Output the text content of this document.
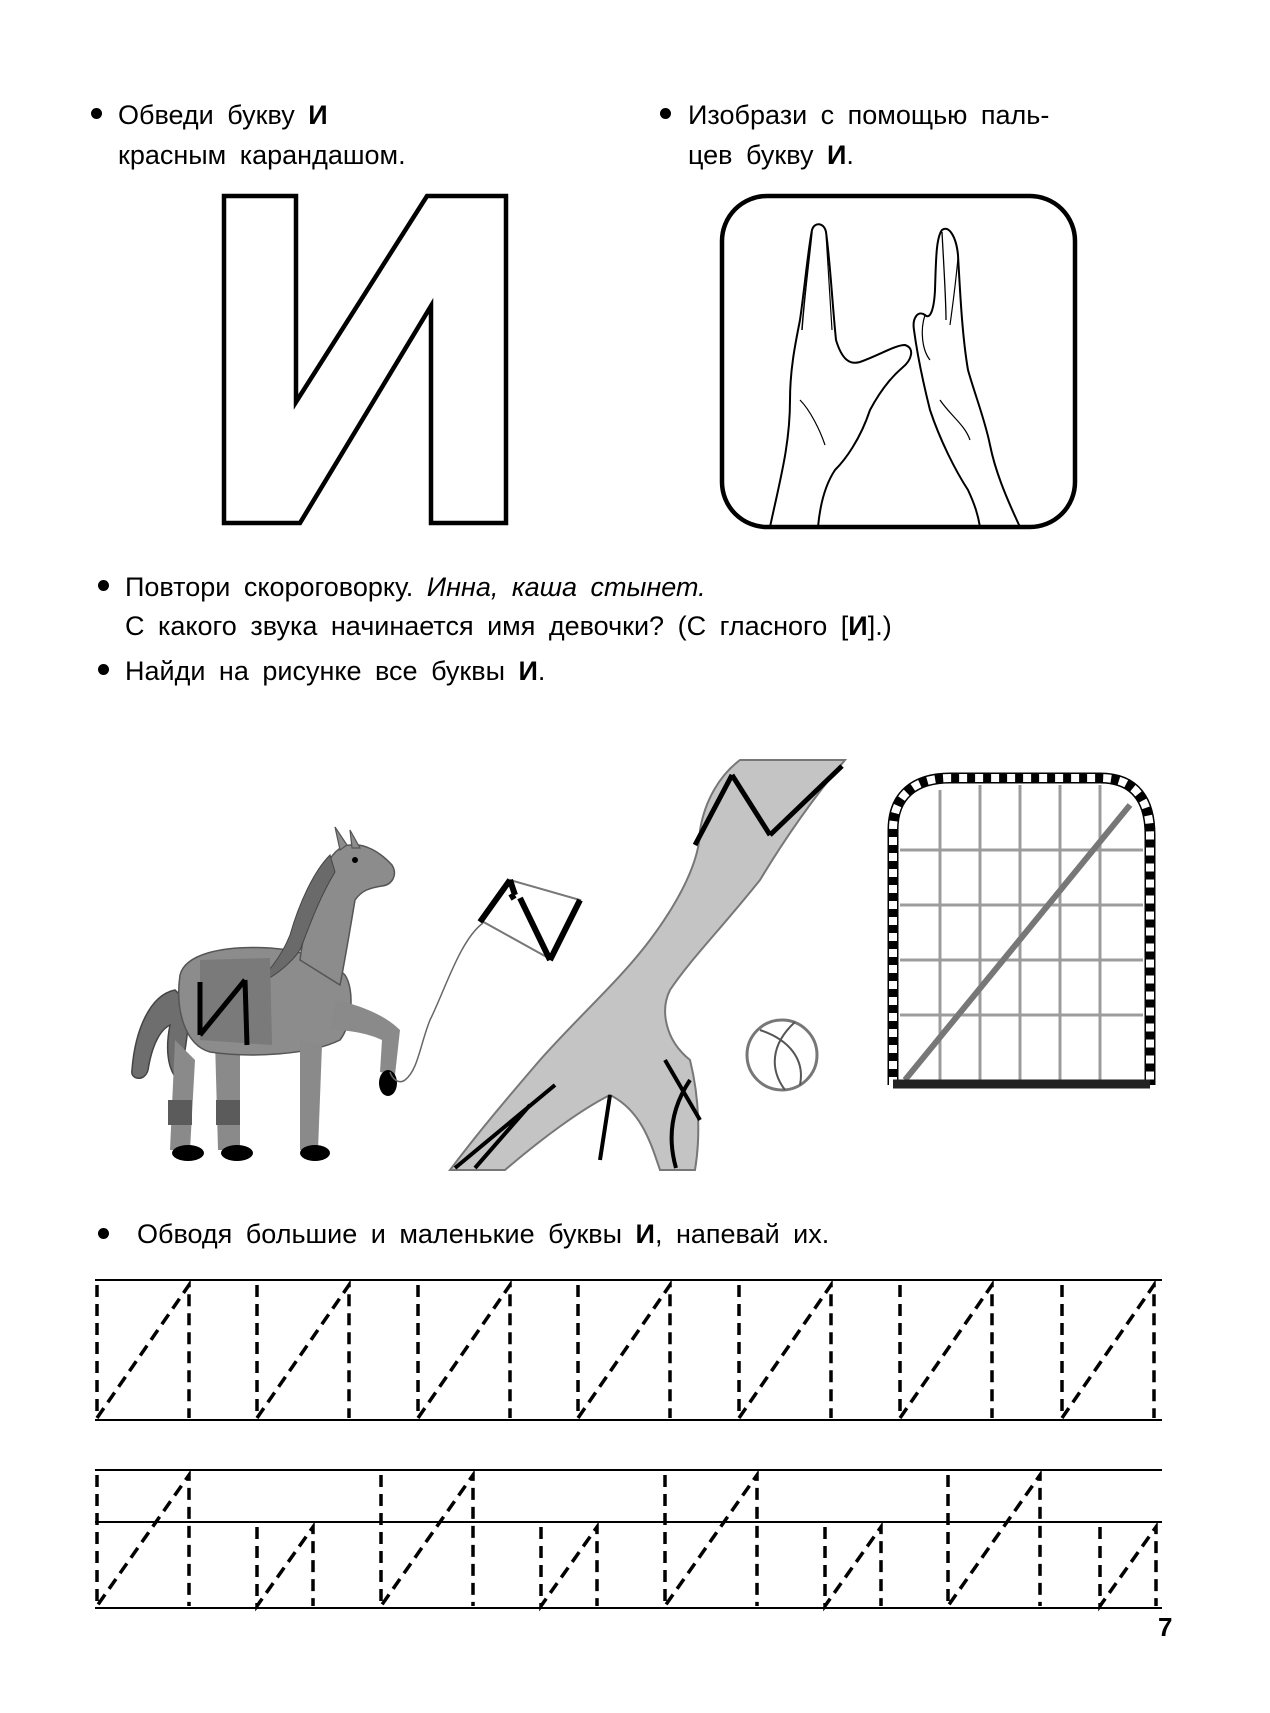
Обведи букву И
красным карандашом.
Изобрази с помощью паль-
цев букву И.
Повтори скороговорку. Инна, каша стынет.
С какого звука начинается имя девочки? (С гласного [И].)
Найди на рисунке все буквы И.
Обводя большие и маленькие буквы И, напевай их.
7
